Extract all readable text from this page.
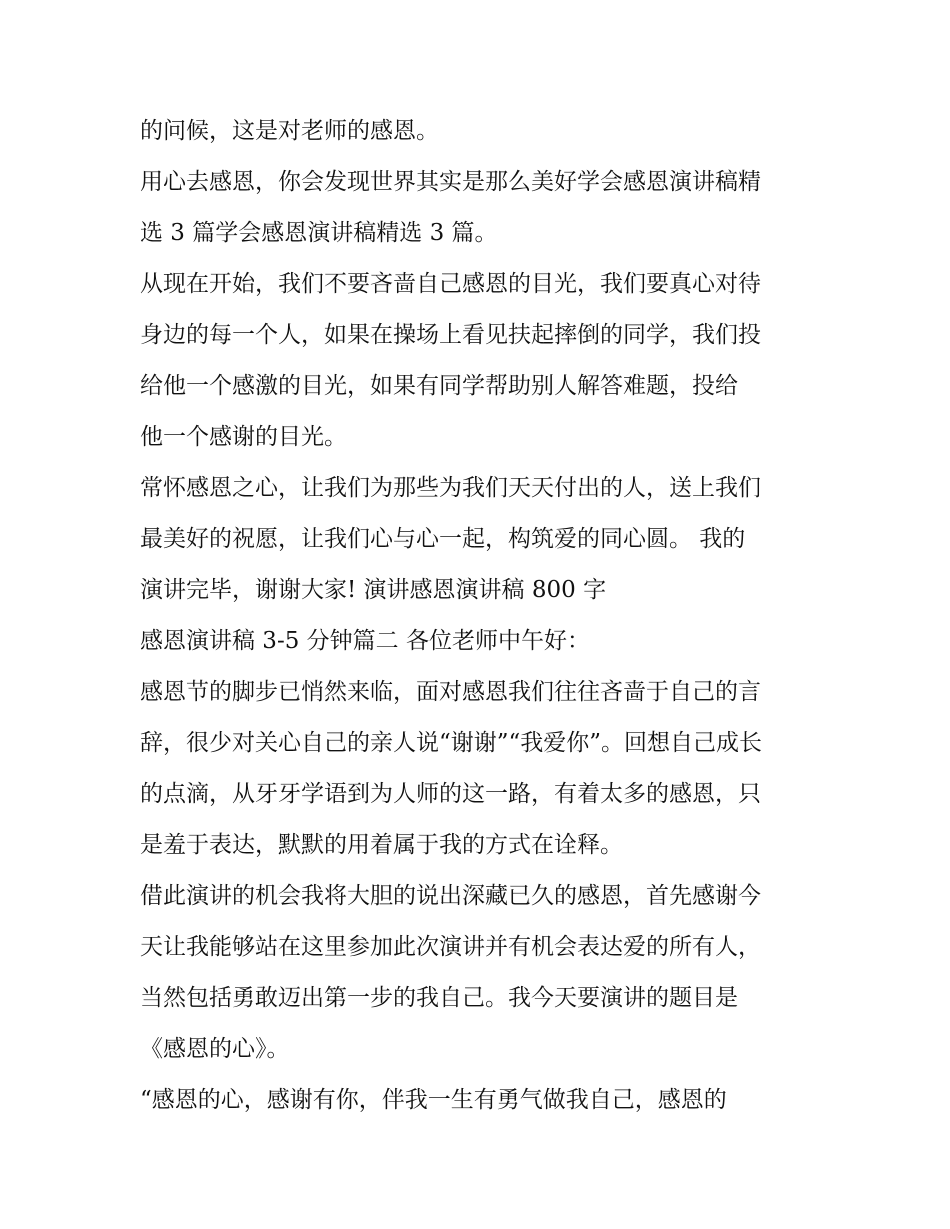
的问候，这是对老师的感恩。
用心去感恩，你会发现世界其实是那么美好学会感恩演讲稿精
选 3 篇学会感恩演讲稿精选 3 篇。
从现在开始，我们不要吝啬自己感恩的目光，我们要真心对待
身边的每一个人，如果在操场上看见扶起摔倒的同学，我们投
给他一个感激的目光，如果有同学帮助别人解答难题，投给
他一个感谢的目光。
常怀感恩之心，让我们为那些为我们天天付出的人，送上我们
最美好的祝愿，让我们心与心一起，构筑爱的同心圆。 我的
演讲完毕，谢谢大家! 演讲感恩演讲稿 800 字
感恩演讲稿 3-5 分钟篇二 各位老师中午好：
感恩节的脚步已悄然来临，面对感恩我们往往吝啬于自己的言
辞，很少对关心自己的亲人说“谢谢”“我爱你”。回想自己成长
的点滴，从牙牙学语到为人师的这一路，有着太多的感恩，只
是羞于表达，默默的用着属于我的方式在诠释。
借此演讲的机会我将大胆的说出深藏已久的感恩，首先感谢今
天让我能够站在这里参加此次演讲并有机会表达爱的所有人，
当然包括勇敢迈出第一步的我自己。我今天要演讲的题目是
《感恩的心》。
“感恩的心，感谢有你，伴我一生有勇气做我自己，感恩的
